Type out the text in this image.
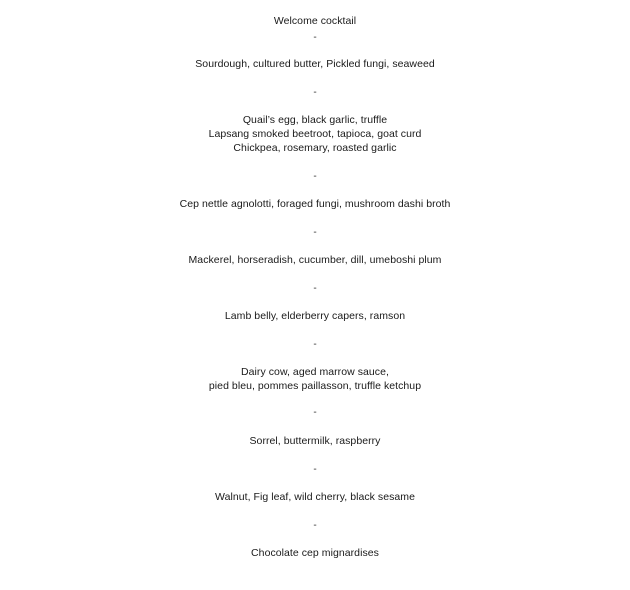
Welcome cocktail
-
Sourdough, cultured butter, Pickled fungi, seaweed
-
Quail’s egg, black garlic, truffle
Lapsang smoked beetroot, tapioca, goat curd
Chickpea, rosemary, roasted garlic
-
Cep nettle agnolotti, foraged fungi, mushroom dashi broth
-
Mackerel, horseradish, cucumber, dill, umeboshi plum
-
Lamb belly, elderberry capers, ramson
-
Dairy cow, aged marrow sauce,
pied bleu, pommes paillasson, truffle ketchup
-
Sorrel, buttermilk, raspberry
-
Walnut, Fig leaf, wild cherry, black sesame
-
Chocolate cep mignardises
